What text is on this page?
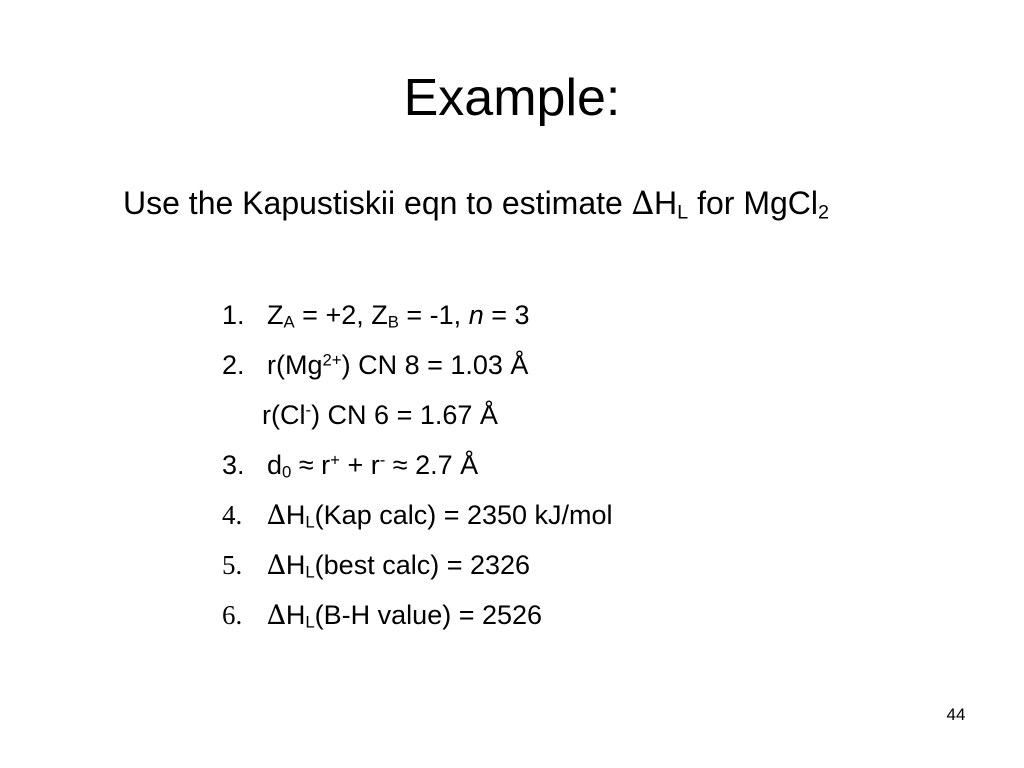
Example:
Use the Kapustiskii eqn to estimate $\Delta H_L$ for MgCl$_2$
1. $Z_A = +2$, $Z_B = -1$, n = 3
2. $r(Mg^{2+})$ CN 8 = 1.03 Å
r(Cl-) CN 6 = 1.67 Å
3. $d_0 \approx r^+ + r^- \approx 2.7$ Å
4. $\Delta H_L(Kap$ calc) = 2350 kJ/mol
5. $\Delta H_L(best$ calc) = 2326
6. $\Delta H_L(B-H$ value) = 2526
44
